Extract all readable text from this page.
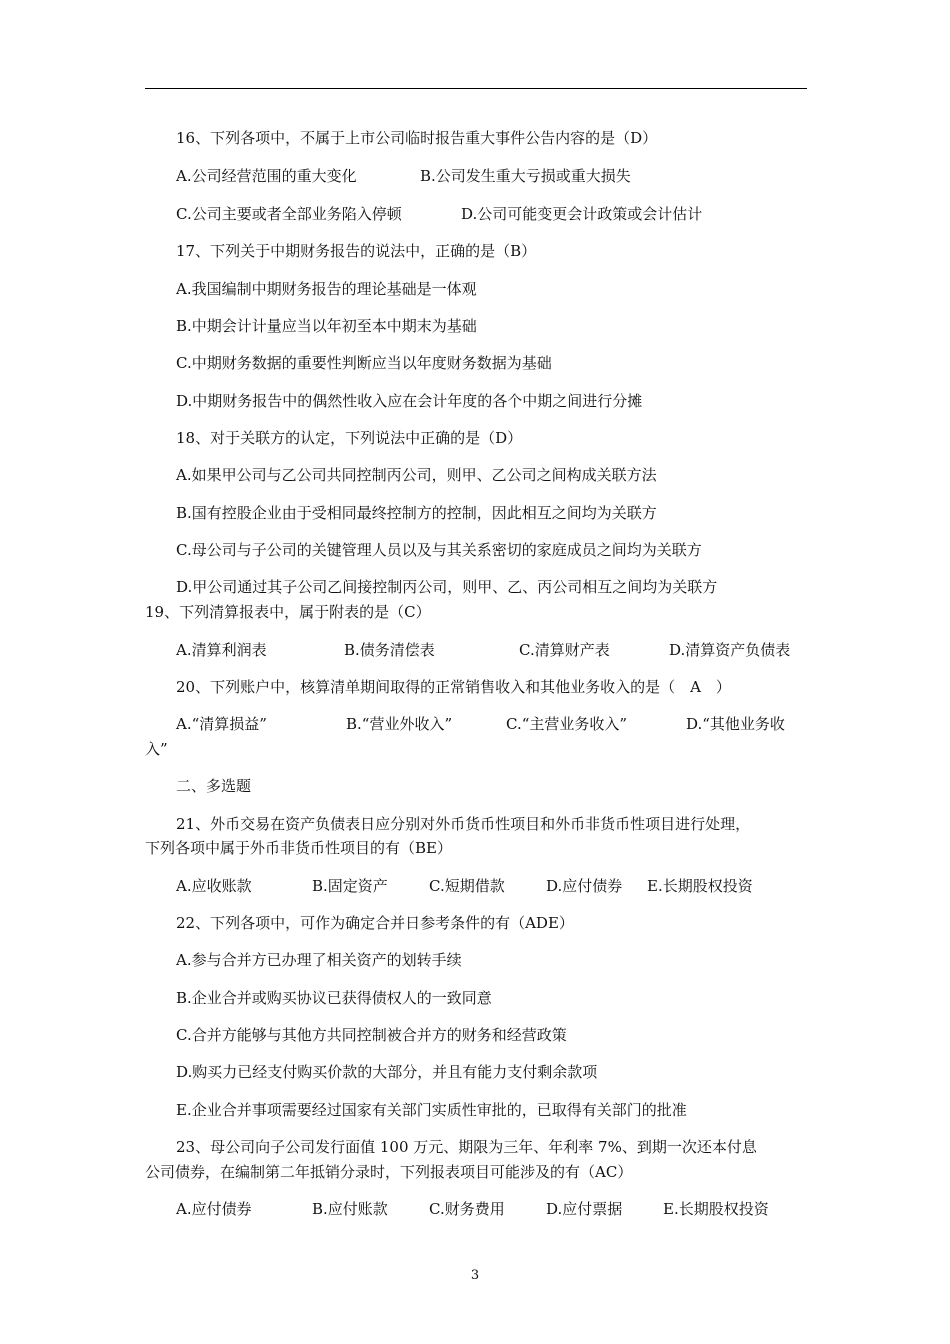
16、下列各项中，不属于上市公司临时报告重大事件公告内容的是（D）
A.公司经营范围的重大变化	B.公司发生重大亏损或重大损失
C.公司主要或者全部业务陷入停顿	D.公司可能变更会计政策或会计估计
17、下列关于中期财务报告的说法中，正确的是（B）
A.我国编制中期财务报告的理论基础是一体观
B.中期会计计量应当以年初至本中期末为基础
C.中期财务数据的重要性判断应当以年度财务数据为基础
D.中期财务报告中的偶然性收入应在会计年度的各个中期之间进行分摊
18、对于关联方的认定，下列说法中正确的是（D）
A.如果甲公司与乙公司共同控制丙公司，则甲、乙公司之间构成关联方法
B.国有控股企业由于受相同最终控制方的控制，因此相互之间均为关联方
C.母公司与子公司的关键管理人员以及与其关系密切的家庭成员之间均为关联方
D.甲公司通过其子公司乙间接控制丙公司，则甲、乙、丙公司相互之间均为关联方
19、下列清算报表中，属于附表的是（C）
A.清算利润表	B.债务清偿表	C.清算财产表	D.清算资产负债表
20、下列账户中，核算清单期间取得的正常销售收入和其他业务收入的是（　A　）
A.“清算损益”	B.“营业外收入”	C.“主营业务收入”	D.“其他业务收
入”
二、多选题
21、外币交易在资产负债表日应分别对外币货币性项目和外币非货币性项目进行处理，
下列各项中属于外币非货币性项目的有（BE）
A.应收账款	B.固定资产	C.短期借款	D.应付债券 E.长期股权投资
22、下列各项中，可作为确定合并日参考条件的有（ADE）
A.参与合并方已办理了相关资产的划转手续
B.企业合并或购买协议已获得债权人的一致同意
C.合并方能够与其他方共同控制被合并方的财务和经营政策
D.购买力已经支付购买价款的大部分，并且有能力支付剩余款项
E.企业合并事项需要经过国家有关部门实质性审批的，已取得有关部门的批准
23、母公司向子公司发行面值 100 万元、期限为三年、年利率 7%、到期一次还本付息
公司债券，在编制第二年抵销分录时，下列报表项目可能涉及的有（AC）
A.应付债券	B.应付账款	C.财务费用	D.应付票据	E.长期股权投资
3
